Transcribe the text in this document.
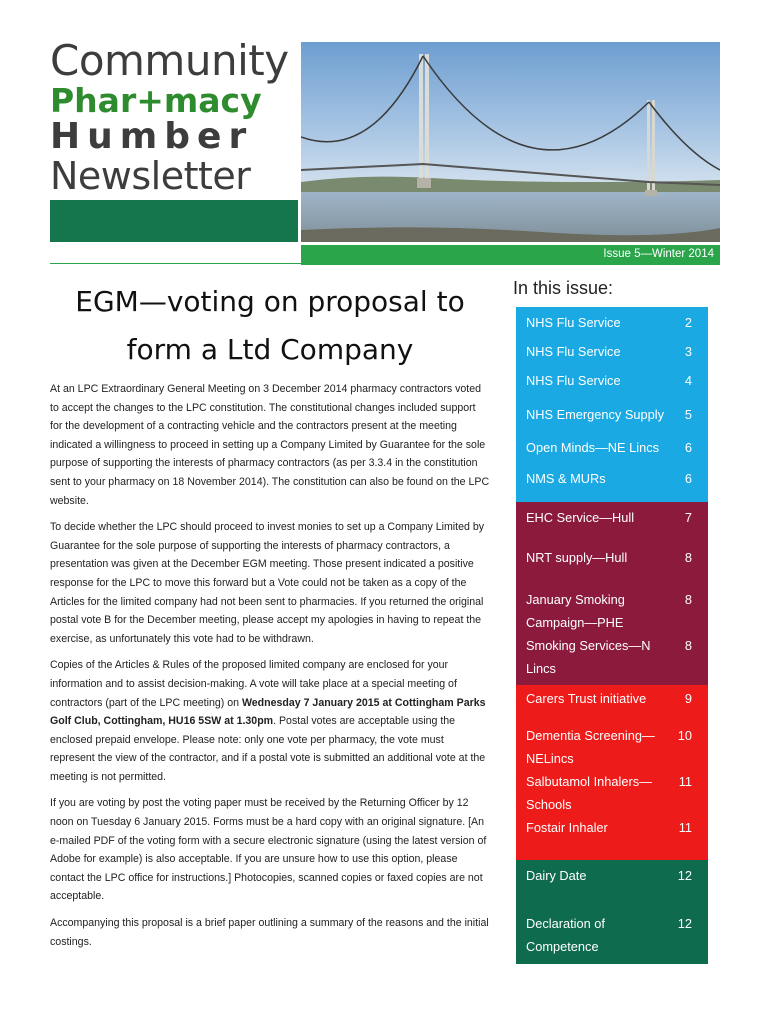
Community
Phar+macy
Humber
Newsletter
Issue 5—Winter 2014
EGM—voting on proposal to
form a Ltd Company

At an LPC Extraordinary General Meeting on 3 December 2014 pharmacy contractors voted to accept the changes to the LPC constitution. The constitutional changes included support for the development of a contracting vehicle and the contractors present at the meeting indicated a willingness to proceed in setting up a Company Limited by Guarantee for the sole purpose of supporting the interests of pharmacy contractors (as per 3.3.4 in the constitution sent to your pharmacy on 18 November 2014). The constitution can also be found on the LPC website.

To decide whether the LPC should proceed to invest monies to set up a Company Limited by Guarantee for the sole purpose of supporting the interests of pharmacy contractors, a presentation was given at the December EGM meeting. Those present indicated a positive response for the LPC to move this forward but a Vote could not be taken as a copy of the Articles for the limited company had not been sent to pharmacies. If you returned the original postal vote B for the December meeting, please accept my apologies in having to repeat the exercise, as unfortunately this vote had to be withdrawn.

Copies of the Articles & Rules of the proposed limited company are enclosed for your information and to assist decision-making. A vote will take place at a special meeting of contractors (part of the LPC meeting) on Wednesday 7 January 2015 at Cottingham Parks Golf Club, Cottingham, HU16 5SW at 1.30pm. Postal votes are acceptable using the enclosed prepaid envelope. Please note: only one vote per pharmacy, the vote must represent the view of the contractor, and if a postal vote is submitted an additional vote at the meeting is not permitted.

If you are voting by post the voting paper must be received by the Returning Officer by 12 noon on Tuesday 6 January 2015. Forms must be a hard copy with an original signature. [An e-mailed PDF of the voting form with a secure electronic signature (using the latest version of Adobe for example) is also acceptable. If you are unsure how to use this option, please contact the LPC office for instructions.] Photocopies, scanned copies or faxed copies are not acceptable.

Accompanying this proposal is a brief paper outlining a summary of the reasons and the initial costings.

In this issue:
NHS Flu Service	2
NHS Flu Service	3
NHS Flu Service	4
NHS Emergency Supply 5
Open Minds—NE Lincs 6
NMS & MURs	6
EHC Service—Hull	7
NRT supply—Hull	8
January Smoking Campaign—PHE
8
Smoking Services—N Lincs
8
Carers Trust initiative	9
Dementia Screening—NELincs
10
Salbutamol Inhalers—Schools
11
Fostair Inhaler	11
Dairy Date	12
Declaration of Competence
12
